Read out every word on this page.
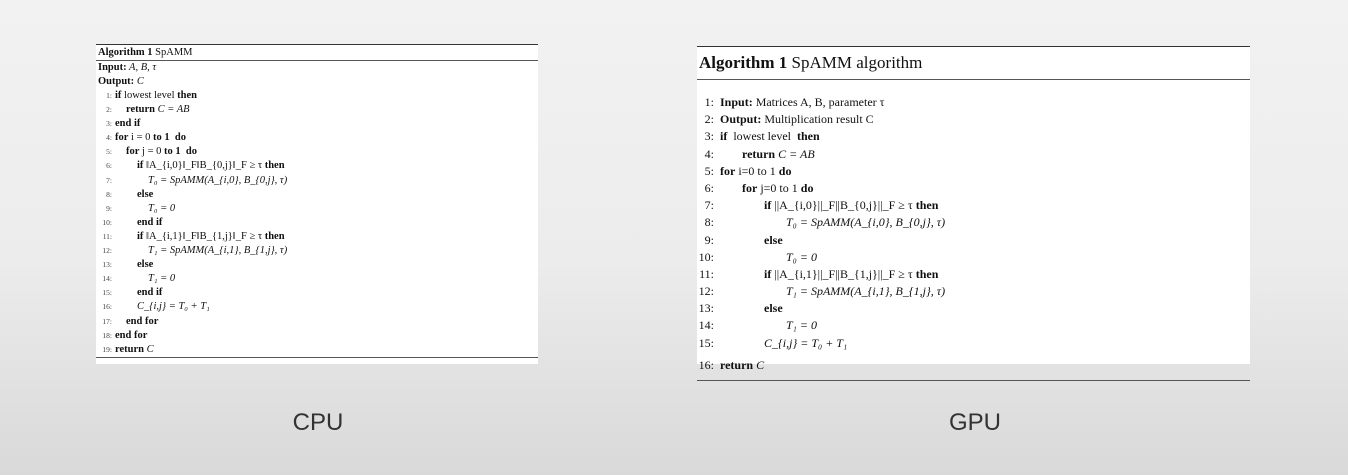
Algorithm 1 SpAMM
Input: A, B, τ
Output: C
1: if lowest level then
2: return C = AB
3: end if
4: for i = 0 to 1  do
5: for j = 0 to 1  do
6: if ‖A_{i,0}‖_F‖B_{0,j}‖_F ≥ τ then
7:	T₀ = SpAMM(A_{i,0}, B_{0,j}, τ)
8: else
9:	T₀ = 0
10: end if
11: if ‖A_{i,1}‖_F‖B_{1,j}‖_F ≥ τ then
12:	T₁ = SpAMM(A_{i,1}, B_{1,j}, τ)
13: else
14:	T₁ = 0
15: end if
16: C_{i,j} = T₀ + T₁
17: end for
18: end for
19: return C
Algorithm 1 SpAMM algorithm
1: Input: Matrices A, B, parameter τ
2: Output: Multiplication result C
3: if  lowest level  then
4: return C = AB
5: for i=0 to 1 do
6: for j=0 to 1 do
7:	if ||A_{i,0}||_F||B_{0,j}||_F ≥ τ then
8:	T₀ = SpAMM(A_{i,0}, B_{0,j}, τ)
9:	else
10:	T₀ = 0
11:	if ||A_{i,1}||_F||B_{1,j}||_F ≥ τ then
12:	T₁ = SpAMM(A_{i,1}, B_{1,j}, τ)
13:	else
14:	T₁ = 0
15:	C_{i,j} = T₀ + T₁
16: return C
CPU	GPU
